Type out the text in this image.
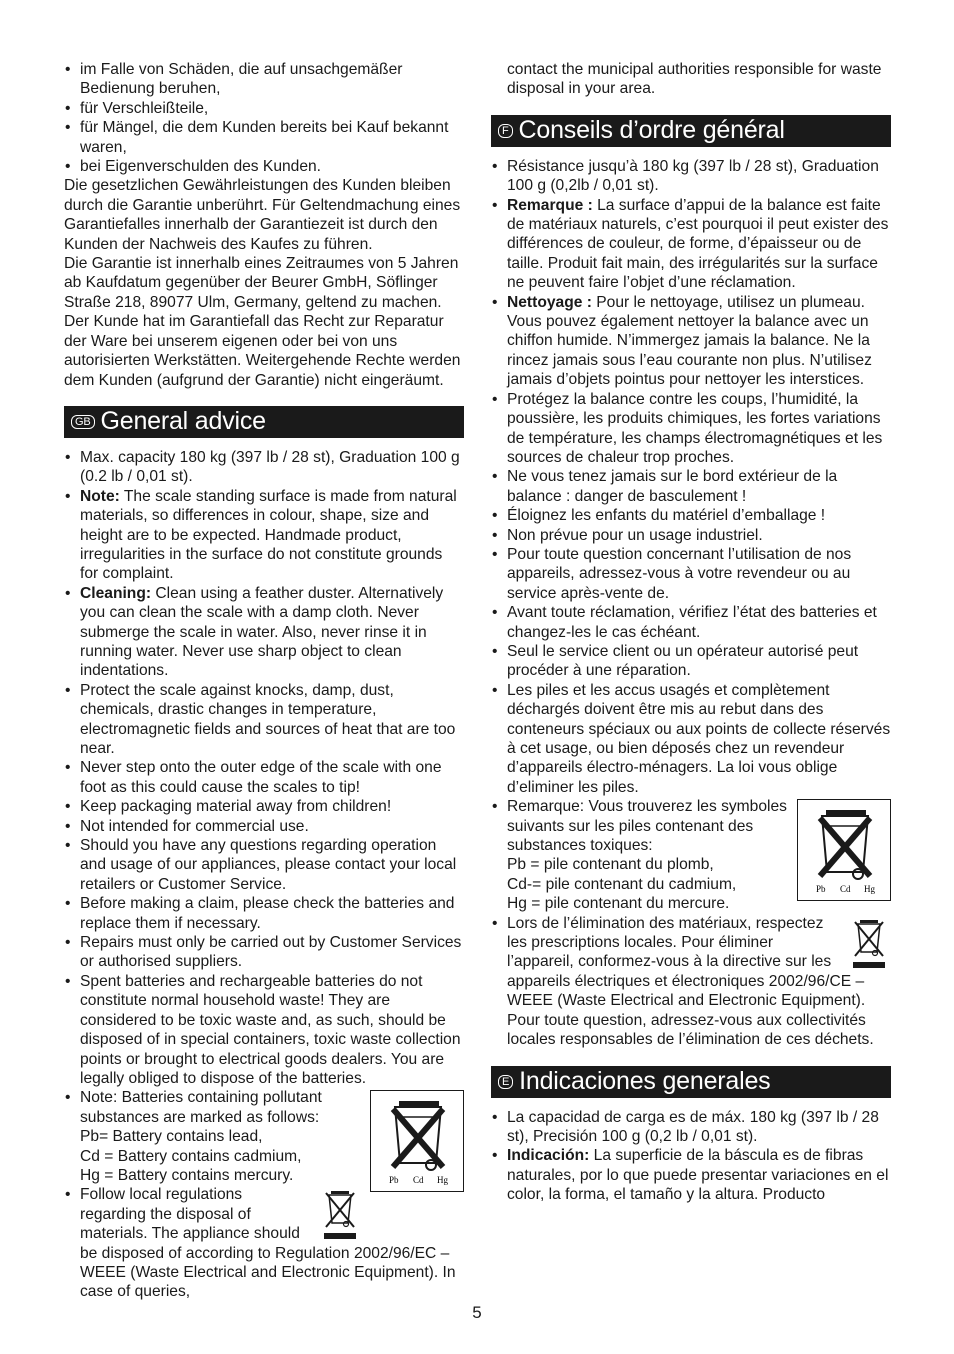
• im Falle von Schäden, die auf unsachgemäßer Bedienung beruhen,
• für Verschleißteile,
• für Mängel, die dem Kunden bereits bei Kauf bekannt waren,
• bei Eigenverschulden des Kunden.

Die gesetzlichen Gewährleistungen des Kunden bleiben durch die Garantie unberührt. Für Geltendmachung eines Garantiefalles innerhalb der Garantiezeit ist durch den Kunden der Nachweis des Kaufes zu führen.

Die Garantie ist innerhalb eines Zeitraumes von 5 Jahren ab Kaufdatum gegenüber der Beurer GmbH, Söflinger Straße 218, 89077 Ulm, Germany, geltend zu machen. Der Kunde hat im Garantiefall das Recht zur Reparatur der Ware bei unserem eigenen oder bei von uns autorisierten Werkstätten. Weitergehende Rechte werden dem Kunden (aufgrund der Garantie) nicht eingeräumt.

GB General advice
• Max. capacity 180 kg (397 lb / 28 st), Graduation 100 g (0.2 lb / 0,01 st).
• Note: The scale standing surface is made from natural materials, so differences in colour, shape, size and height are to be expected. Handmade product, irregularities in the surface do not constitute grounds for complaint.
• Cleaning: Clean using a feather duster. Alternatively you can clean the scale with a damp cloth. Never submerge the scale in water. Also, never rinse it in running water. Never use sharp object to clean indentations.
• Protect the scale against knocks, damp, dust, chemicals, drastic changes in temperature, electromagnetic fields and sources of heat that are too near.
• Never step onto the outer edge of the scale with one foot as this could cause the scales to tip!
• Keep packaging material away from children!
• Not intended for commercial use.
• Should you have any questions regarding operation and usage of our appliances, please contact your local retailers or Customer Service.
• Before making a claim, please check the batteries and replace them if necessary.
• Repairs must only be carried out by Customer Services or authorised suppliers.
• Spent batteries and rechargeable batteries do not constitute normal household waste! They are considered to be toxic waste and, as such, should be disposed of in special containers, toxic waste collection points or brought to electrical goods dealers. You are legally obliged to dispose of the batteries.
• Pb Cd Hg
Note: Batteries containing pollutant substances are marked as follows:
Pb= Battery contains lead,
Cd = Battery contains cadmium,
Hg = Battery contains mercury.
• Follow local regulations regarding the disposal of materials. The appliance should be disposed of according to Regulation 2002/96/EC – WEEE (Waste Electrical and Electronic Equipment). In case of queries,

contact the municipal authorities responsible for waste disposal in your area.

F Conseils d’ordre général
• Résistance jusqu’à 180 kg (397 lb / 28 st), Graduation 100 g (0,2lb / 0,01 st).
• Remarque : La surface d’appui de la balance est faite de matériaux naturels, c’est pourquoi il peut exister des différences de couleur, de forme, d’épaisseur ou de taille. Produit fait main, des irrégularités sur la surface ne peuvent faire l’objet d’une réclamation.
• Nettoyage : Pour le nettoyage, utilisez un plumeau. Vous pouvez également nettoyer la balance avec un chiffon humide. N’immergez jamais la balance. Ne la rincez jamais sous l’eau courante non plus. N’utilisez jamais d’objets pointus pour nettoyer les interstices.
• Protégez la balance contre les coups, l’humidité, la poussière, les produits chimiques, les fortes variations de température, les champs électromagnétiques et les sources de chaleur trop proches.
• Ne vous tenez jamais sur le bord extérieur de la balance : danger de basculement !
• Éloignez les enfants du matériel d’emballage !
• Non prévue pour un usage industriel.
• Pour toute question concernant l’utilisation de nos appareils, adressez-vous à votre revendeur ou au service après-vente de.
• Avant toute réclamation, vérifiez l’état des batteries et changez-les le cas échéant.
• Seul le service client ou un opérateur autorisé peut procéder à une réparation.
• Les piles et les accus usagés et complètement déchargés doivent être mis au rebut dans des conteneurs spéciaux ou aux points de collecte réservés à cet usage, ou bien déposés chez un revendeur d’appareils électro-ménagers. La loi vous oblige d’eliminer les piles.
• Pb Cd Hg
Remarque: Vous trouverez les symboles suivants sur les piles contenant des substances toxiques:
Pb = pile contenant du plomb,
Cd-= pile contenant du cadmium,
Hg = pile contenant du mercure.
• Lors de l’élimination des matériaux, respectez les prescriptions locales. Pour éliminer l’appareil, conformez-vous à la directive sur les appareils électriques et électroniques 2002/96/CE – WEEE (Waste Electrical and Electronic Equipment). Pour toute question, adressez-vous aux collectivités locales responsables de l’élimination de ces déchets.
E Indicaciones generales
• La capacidad de carga es de máx. 180 kg (397 lb / 28 st), Precisión 100 g (0,2 lb / 0,01 st).
• Indicación: La superficie de la báscula es de fibras naturales, por lo que puede presentar variaciones en el color, la forma, el tamaño y la altura. Producto
5
